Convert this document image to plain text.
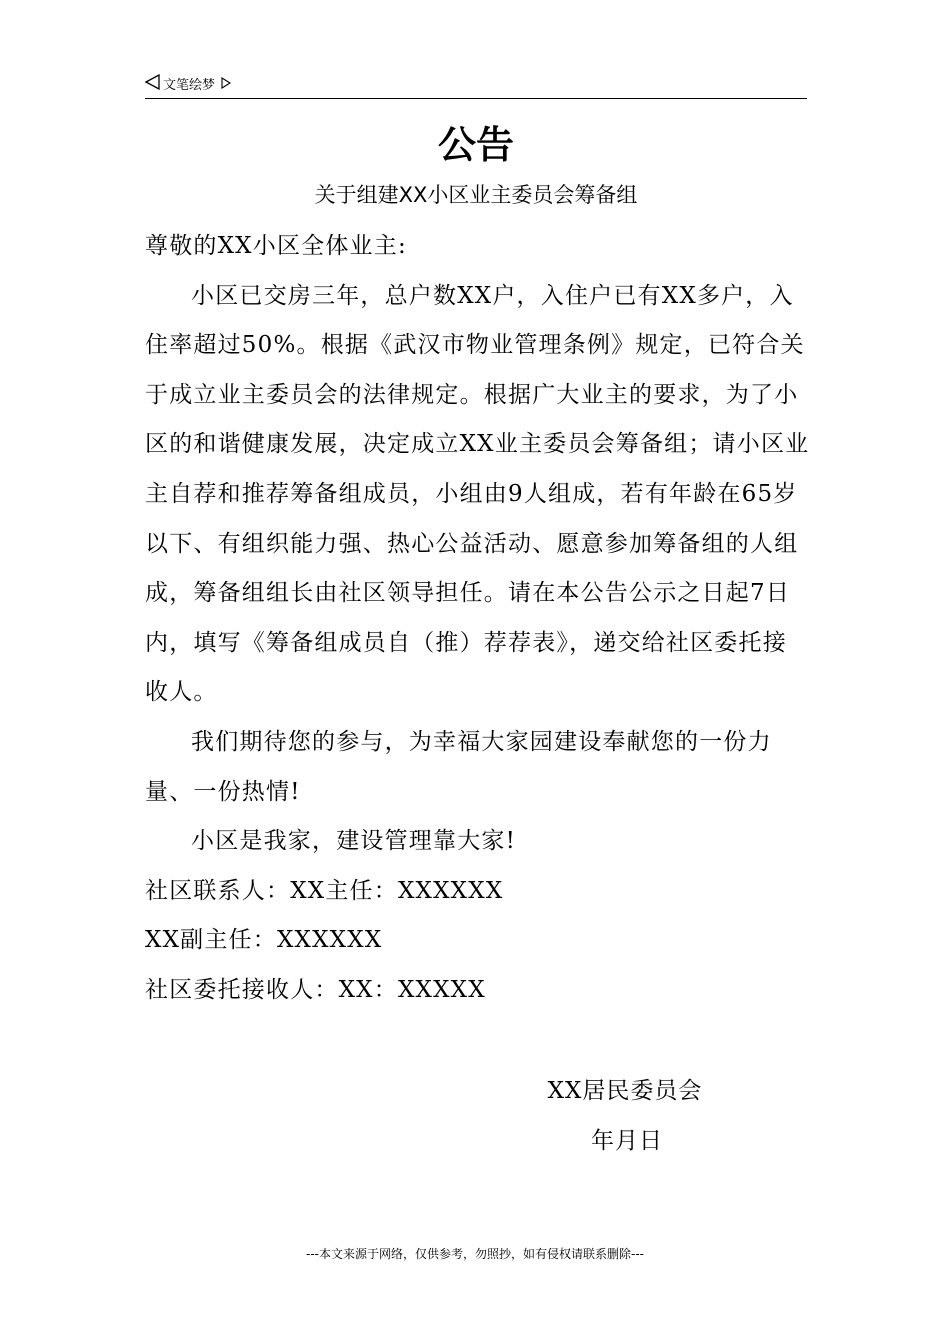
文笔绘梦
公告
关于组建XX小区业主委员会筹备组

尊敬的XX小区全体业主:

小区已交房三年，总户数XX户，入住户已有XX多户，入住率超过50%。根据《武汉市物业管理条例》规定，已符合关于成立业主委员会的法律规定。根据广大业主的要求，为了小区的和谐健康发展，决定成立XX业主委员会筹备组；请小区业主自荐和推荐筹备组成员，小组由9人组成，若有年龄在65岁以下、有组织能力强、热心公益活动、愿意参加筹备组的人组成，筹备组组长由社区领导担任。请在本公告公示之日起7日内，填写《筹备组成员自（推）荐荐表》，递交给社区委托接收人。

我们期待您的参与，为幸福大家园建设奉献您的一份力量、一份热情!

小区是我家，建设管理靠大家!

社区联系人：XX主任：XXXXXX

XX副主任：XXXXXX

社区委托接收人：XX：XXXXX

XX居民委员会
年月日
---本文来源于网络，仅供参考，勿照抄，如有侵权请联系删除---
